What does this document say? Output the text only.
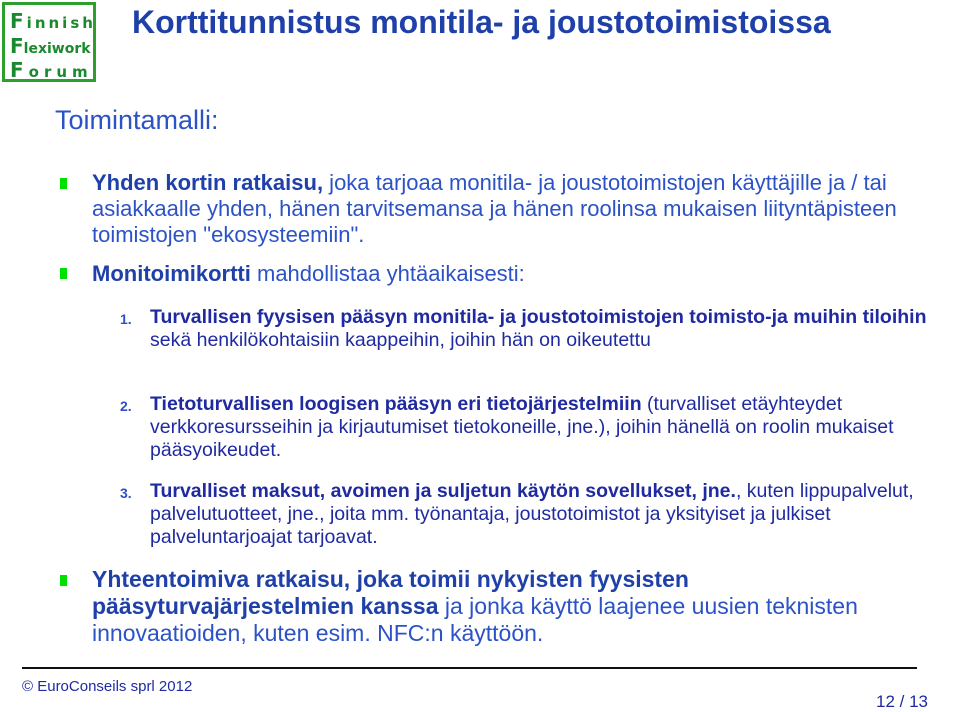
Finnish
Flexiwork
Forum
Korttitunnistus monitila- ja joustotoimistoissa
Toimintamalli:
Yhden kortin ratkaisu, joka tarjoaa monitila- ja joustotoimistojen käyttäjille ja / tai asiakkaalle yhden, hänen tarvitsemansa ja hänen roolinsa mukaisen liityntäpisteen toimistojen "ekosysteemiin".
Monitoimikortti mahdollistaa yhtäaikaisesti:
1. Turvallisen fyysisen pääsyn monitila- ja joustotoimistojen toimisto-ja muihin tiloihin sekä henkilökohtaisiin kaappeihin, joihin hän on oikeutettu
2. Tietoturvallisen loogisen pääsyn eri tietojärjestelmiin (turvalliset etäyhteydet verkkoresursseihin ja kirjautumiset tietokoneille, jne.), joihin hänellä on roolin mukaiset pääsyoikeudet.
3. Turvalliset maksut, avoimen ja suljetun käytön sovellukset, jne., kuten lippupalvelut, palvelutuotteet, jne., joita mm. työnantaja, joustotoimistot ja yksityiset ja julkiset palveluntarjoajat tarjoavat.
Yhteentoimiva ratkaisu, joka toimii nykyisten fyysisten pääsyturvajärjestelmien kanssa ja jonka käyttö laajenee uusien teknisten innovaatioiden, kuten esim. NFC:n käyttöön.
© EuroConseils sprl 2012
12 / 13
